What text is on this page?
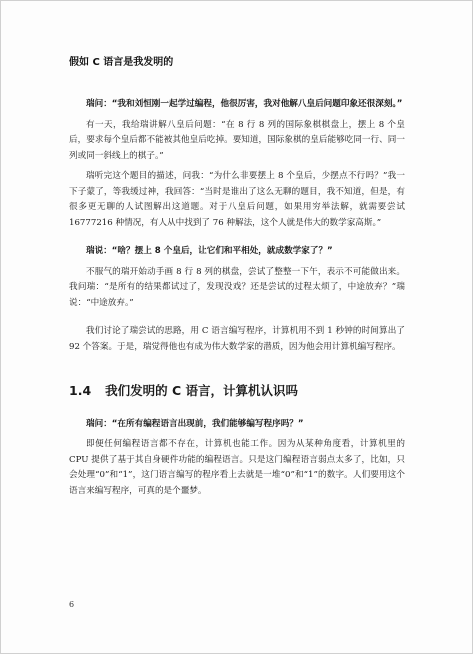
假如 C 语言是我发明的

瑞问：“我和刘恒刚一起学过编程，他很厉害，我对他解八皇后问题印象还很深刻。”

有一天，我给瑞讲解八皇后问题：“在 8 行 8 列的国际象棋棋盘上，摆上 8 个皇后，要求每个皇后都不能被其他皇后吃掉。要知道，国际象棋的皇后能够吃同一行、同一列或同一斜线上的棋子。”

瑞听完这个题目的描述，问我：“为什么非要摆上 8 个皇后，少摆点不行吗？”我一下子蒙了，等我缓过神，我回答：“当时是谁出了这么无聊的题目，我不知道，但是，有很多更无聊的人试图解出这道题。对于八皇后问题，如果用穷举法解，就需要尝试 16777216 种情况，有人从中找到了 76 种解法，这个人就是伟大的数学家高斯。”

瑞说：“啥？摆上 8 个皇后，让它们和平相处，就成数学家了？”

不服气的瑞开始动手画 8 行 8 列的棋盘，尝试了整整一下午，表示不可能做出来。我问瑞：“是所有的结果都试过了，发现没戏？还是尝试的过程太烦了，中途放弃？”瑞说：“中途放弃。”

我们讨论了瑞尝试的思路，用 C 语言编写程序，计算机用不到 1 秒钟的时间算出了 92 个答案。于是，瑞觉得他也有成为伟大数学家的潜质，因为他会用计算机编写程序。

1.4 我们发明的 C 语言，计算机认识吗

瑞问：“在所有编程语言出现前，我们能够编写程序吗？”

即便任何编程语言都不存在，计算机也能工作。因为从某种角度看，计算机里的 CPU 提供了基于其自身硬件功能的编程语言。只是这门编程语言弱点太多了，比如，只会处理“0”和“1”，这门语言编写的程序看上去就是一堆“0”和“1”的数字。人们要用这个语言来编写程序，可真的是个噩梦。

6
